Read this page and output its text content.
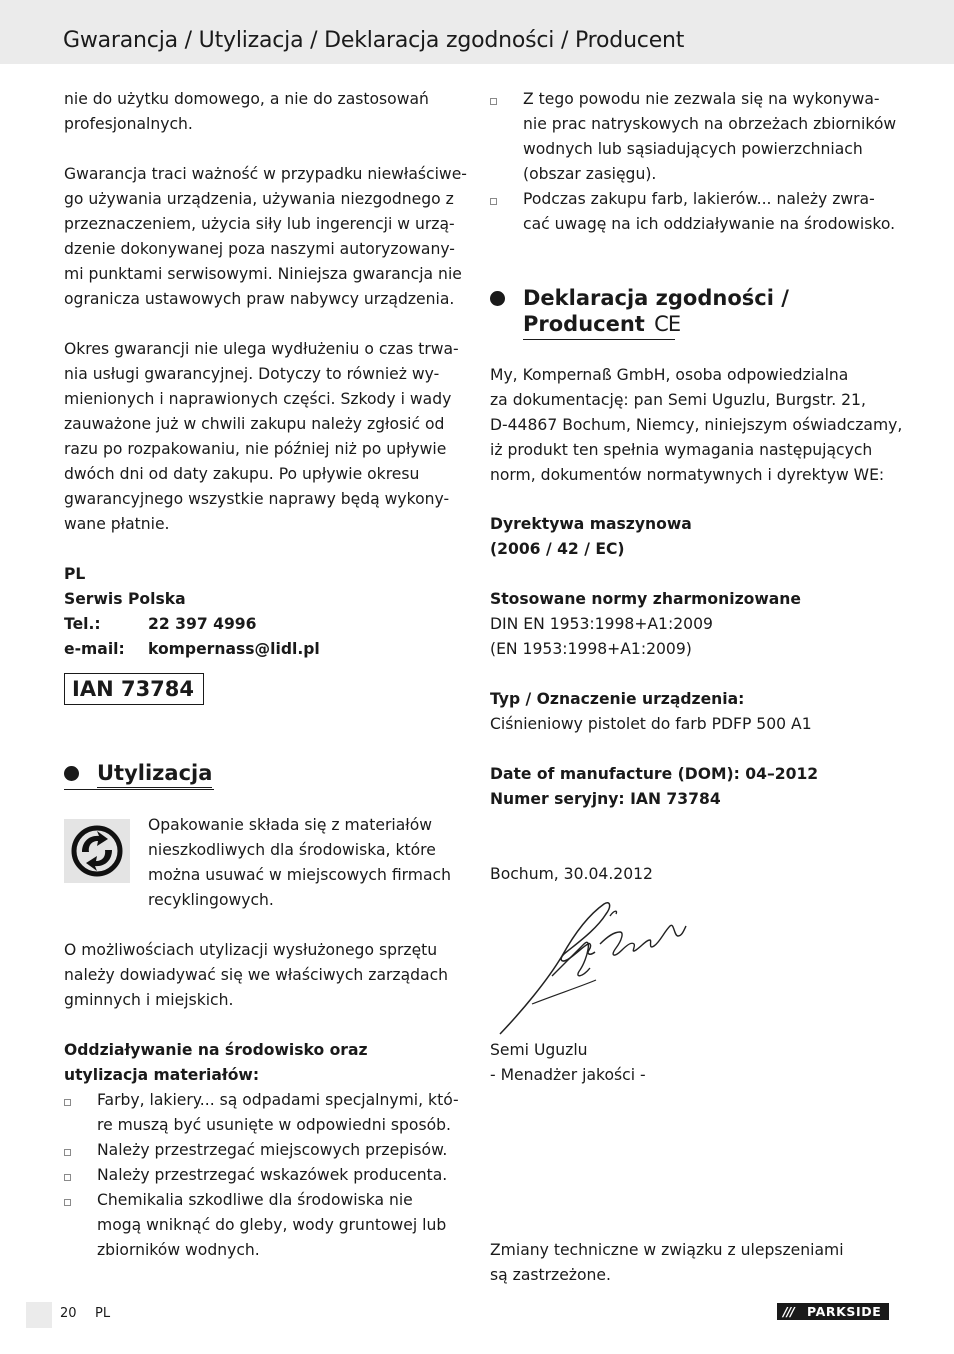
Gwarancja / Utylizacja / Deklaracja zgodności / Producent

nie do użytku domowego, a nie do zastosowań
profesjonalnych.

Gwarancja traci ważność w przypadku niewłaściwe-
go używania urządzenia, używania niezgodnego z
przeznaczeniem, użycia siły lub ingerencji w urzą-
dzenie dokonywanej poza naszymi autoryzowany-
mi punktami serwisowymi. Niniejsza gwarancja nie
ogranicza ustawowych praw nabywcy urządzenia.

Okres gwarancji nie ulega wydłużeniu o czas trwa-
nia usługi gwarancyjnej. Dotyczy to również wy-
mienionych i naprawionych części. Szkody i wady
zauważone już w chwili zakupu należy zgłosić od
razu po rozpakowaniu, nie później niż po upływie
dwóch dni od daty zakupu. Po upływie okresu
gwarancyjnego wszystkie naprawy będą wykony-
wane płatnie.

PL
Serwis Polska
Tel.:	22 397 4996
e-mail: kompernass@lidl.pl
IAN 73784
Utylizacja

Opakowanie składa się z materiałów
nieszkodliwych dla środowiska, które
można usuwać w miejscowych firmach
recyklingowych.

O możliwościach utylizacji wysłużonego sprzętu
należy dowiadywać się we właściwych zarządach
gminnych i miejskich.

Oddziaływanie na środowisko oraz
utylizacja materiałów:

Farby, lakiery... są odpadami specjalnymi, któ-
re muszą być usunięte w odpowiedni sposób.
Należy przestrzegać miejscowych przepisów.
Należy przestrzegać wskazówek producenta.
Chemikalia szkodliwe dla środowiska nie
mogą wniknąć do gleby, wody gruntowej lub
zbiorników wodnych.
Z tego powodu nie zezwala się na wykonywa-
nie prac natryskowych na obrzeżach zbiorników
wodnych lub sąsiadujących powierzchniach
(obszar zasięgu).
Podczas zakupu farb, lakierów... należy zwra-
cać uwagę na ich oddziaływanie na środowisko.
Deklaracja zgodności /
Producent CE

My, Kompernaß GmbH, osoba odpowiedzialna
za dokumentację: pan Semi Uguzlu, Burgstr. 21,
D-44867 Bochum, Niemcy, niniejszym oświadczamy,
iż produkt ten spełnia wymagania następujących
norm, dokumentów normatywnych i dyrektyw WE:

Dyrektywa maszynowa
(2006 / 42 / EC)

Stosowane normy zharmonizowane
DIN EN 1953:1998+A1:2009
(EN 1953:1998+A1:2009)

Typ / Oznaczenie urządzenia:
Ciśnieniowy pistolet do farb PDFP 500 A1

Date of manufacture (DOM): 04–2012
Numer seryjny: IAN 73784

Bochum, 30.04.2012

Semi Uguzlu
- Menadżer jakości -

Zmiany techniczne w związku z ulepszeniami
są zastrzeżone.

20 PL	/// PARKSIDE
